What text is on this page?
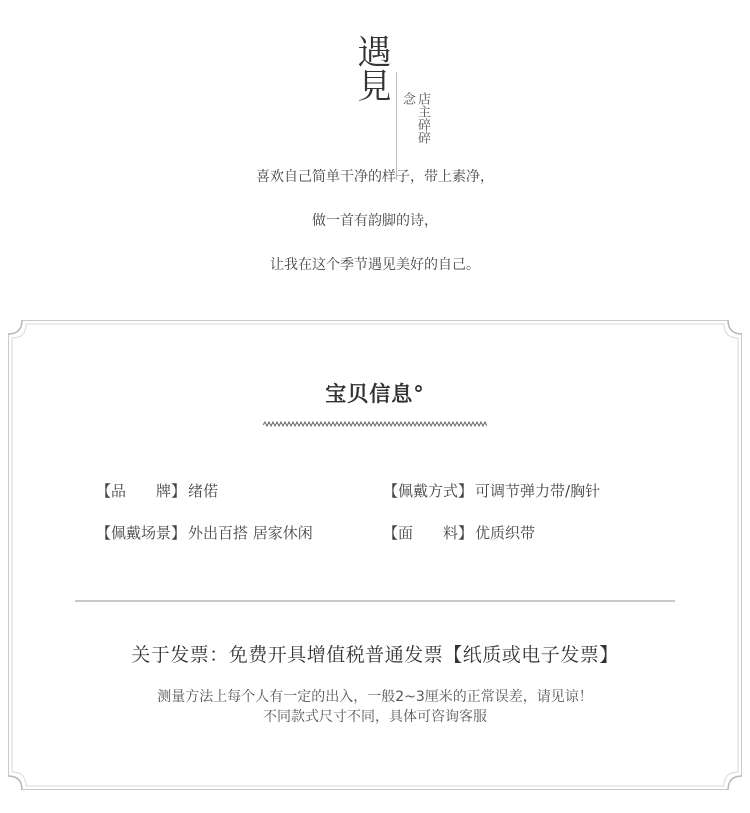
遇見
店主碎碎念
喜欢自己简单干净的样子，带上素净，
做一首有韵脚的诗，
让我在这个季节遇见美好的自己。
宝贝信息°
【品　　牌】 绪偌	【佩戴方式】 可调节弹力带/胸针
【佩戴场景】 外出百搭 居家休闲	【面　　料】 优质织带
关于发票：免费开具增值税普通发票【纸质或电子发票】
测量方法上每个人有一定的出入，一般2~3厘米的正常误差，请见谅！
不同款式尺寸不同，具体可咨询客服
